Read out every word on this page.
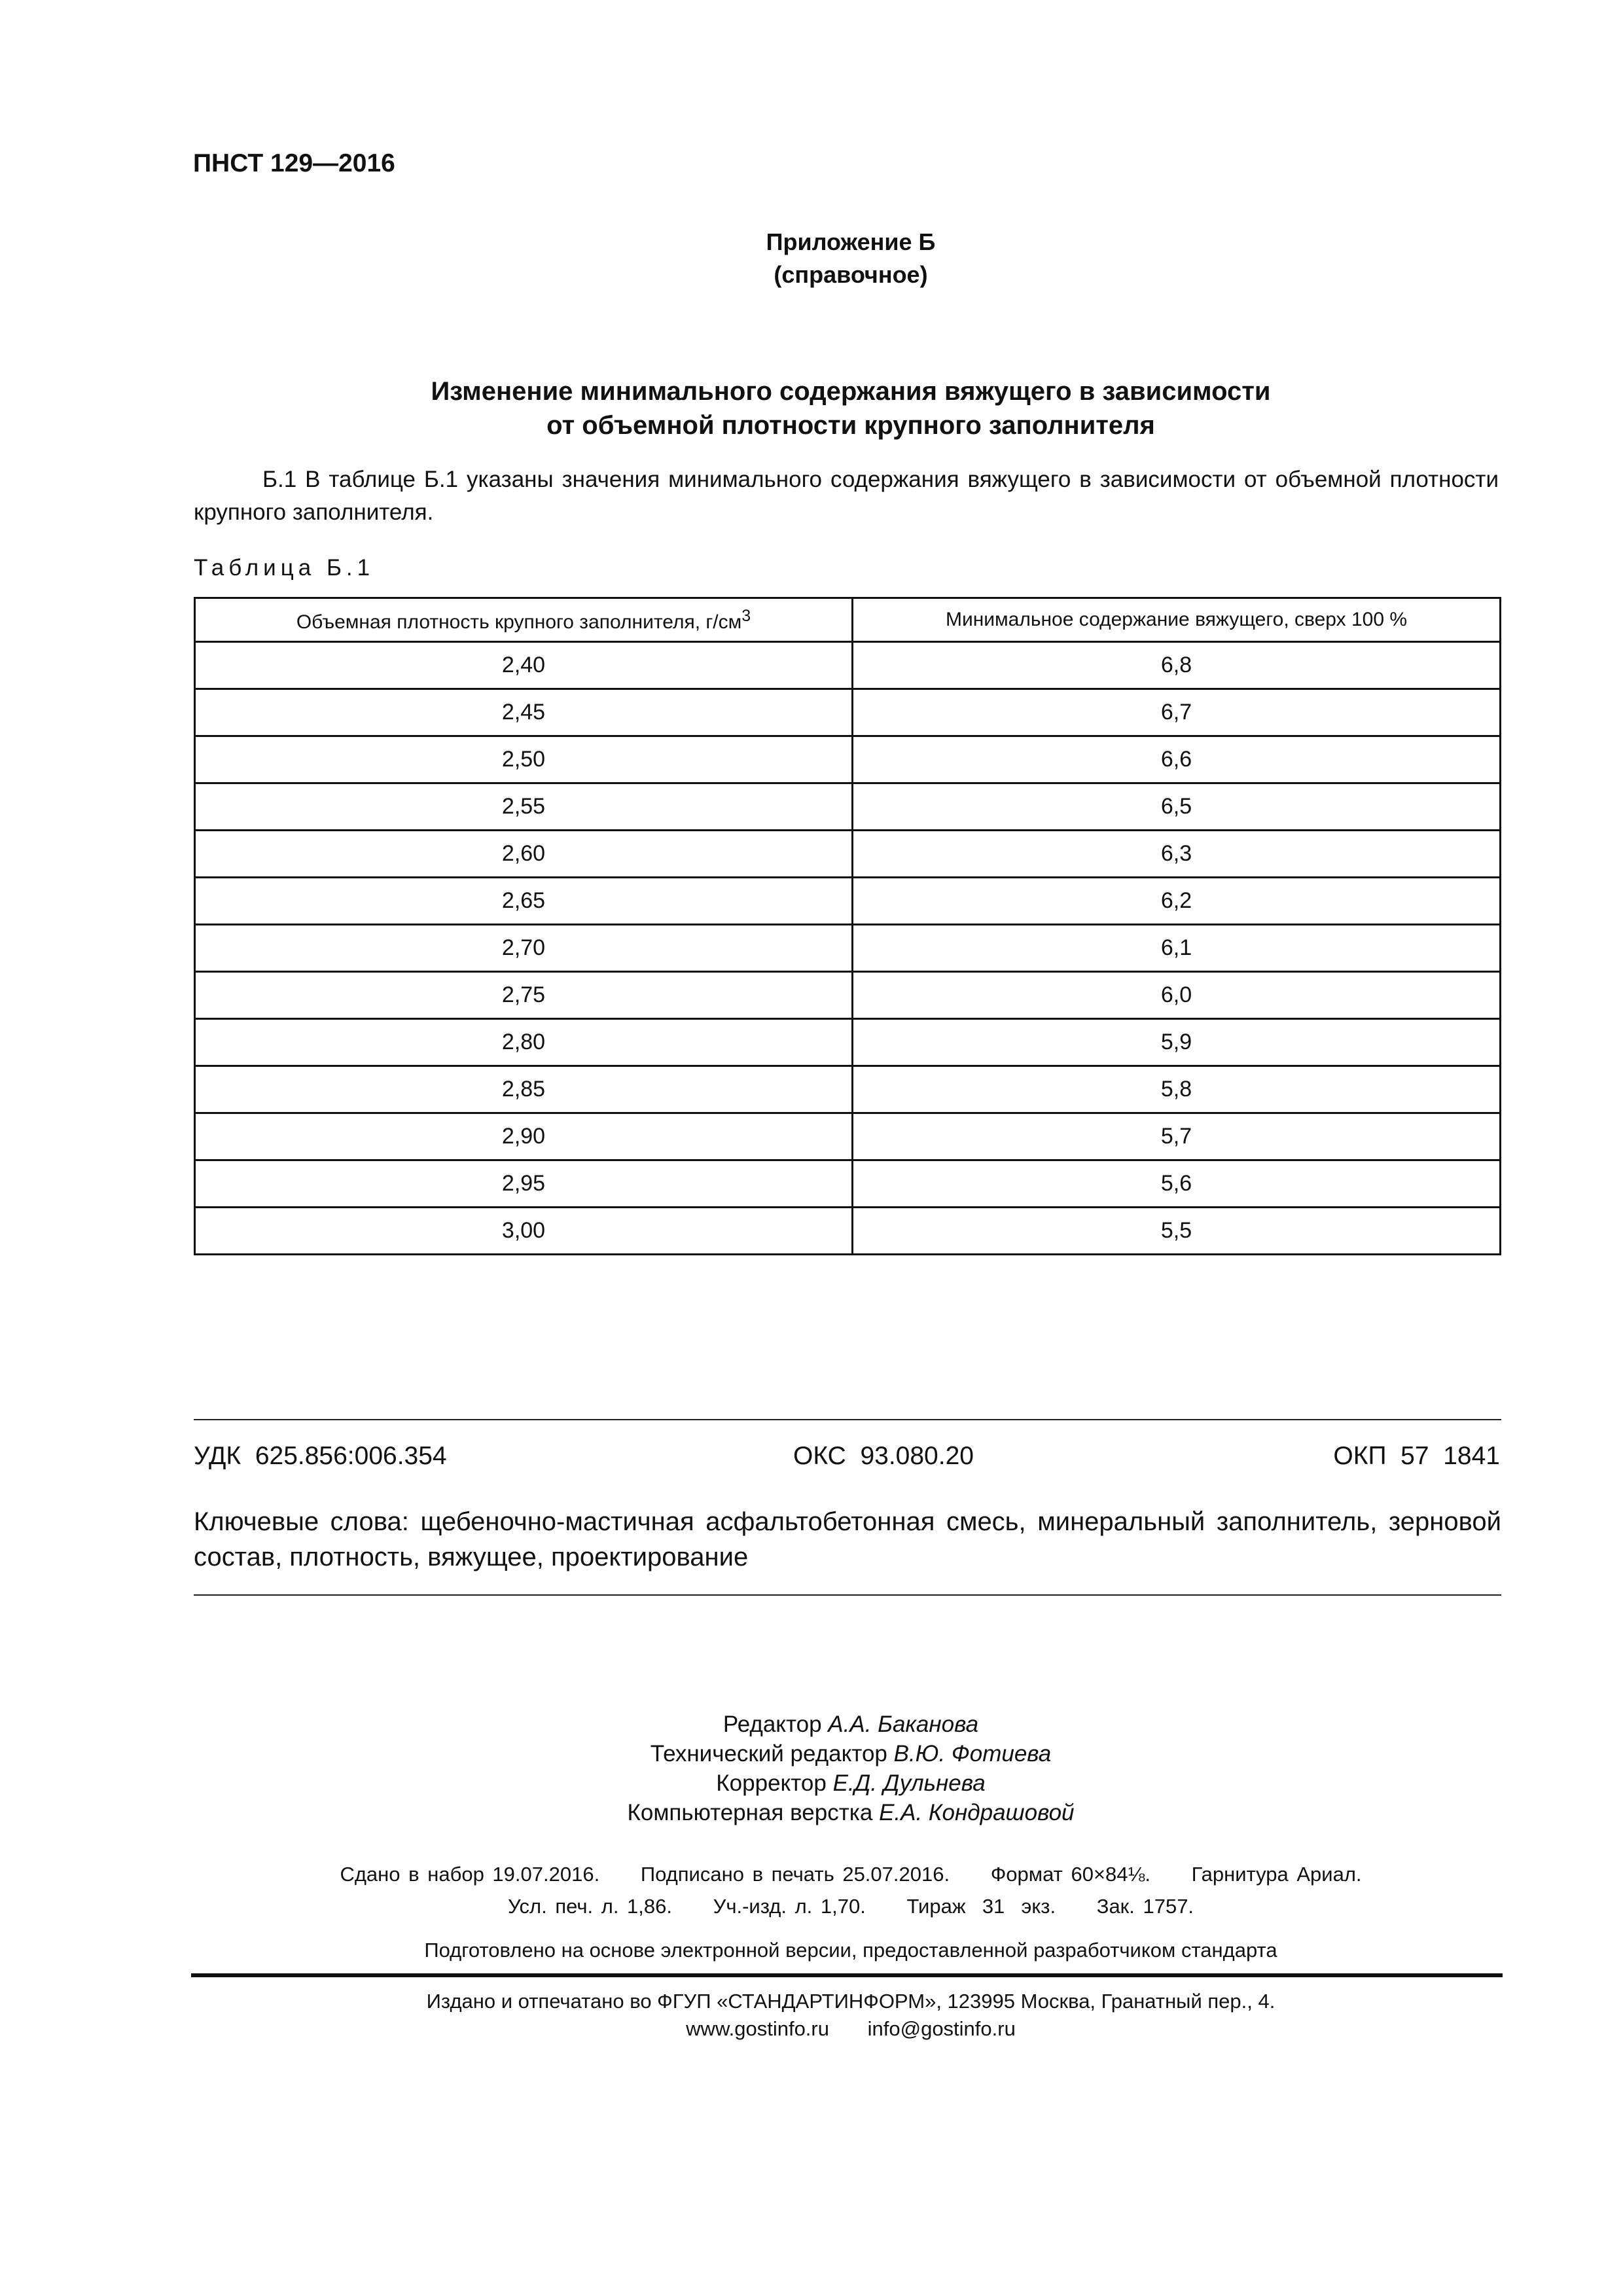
ПНСТ 129—2016
Приложение Б
(справочное)
Изменение минимального содержания вяжущего в зависимости
от объемной плотности крупного заполнителя
Б.1 В таблице Б.1 указаны значения минимального содержания вяжущего в зависимости от объемной плотности крупного заполнителя.
Таблица Б.1
Объемная плотность крупного заполнителя, $г/см^3$	Минимальное содержание вяжущего, сверх 100 %
2,40	6,8
2,45	6,7
2,50	6,6
2,55	6,5
2,60	6,3
2,65	6,2
2,70	6,1
2,75	6,0
2,80	5,9
2,85	5,8
2,90	5,7
2,95	5,6
3,00	5,5
УДК  625.856:006.354	ОКС  93.080.20	ОКП  57  1841
Ключевые слова: щебеночно-мастичная асфальтобетонная смесь, минеральный заполнитель, зерновой состав, плотность, вяжущее, проектирование
Редактор А.А. Баканова
Технический редактор В.Ю. Фотиева
Корректор Е.Д. Дульнева
Компьютерная верстка Е.А. Кондрашовой
Сдано в набор 19.07.2016. Подписано в печать 25.07.2016. Формат 60×84⅛. Гарнитура Ариал.
Усл. печ. л. 1,86. Уч.-изд. л. 1,70. Тираж  31  экз. Зак. 1757.
Подготовлено на основе электронной версии, предоставленной разработчиком стандарта
Издано и отпечатано во ФГУП «СТАНДАРТИНФОРМ», 123995 Москва, Гранатный пер., 4.
www.gostinfo.ru info@gostinfo.ru
